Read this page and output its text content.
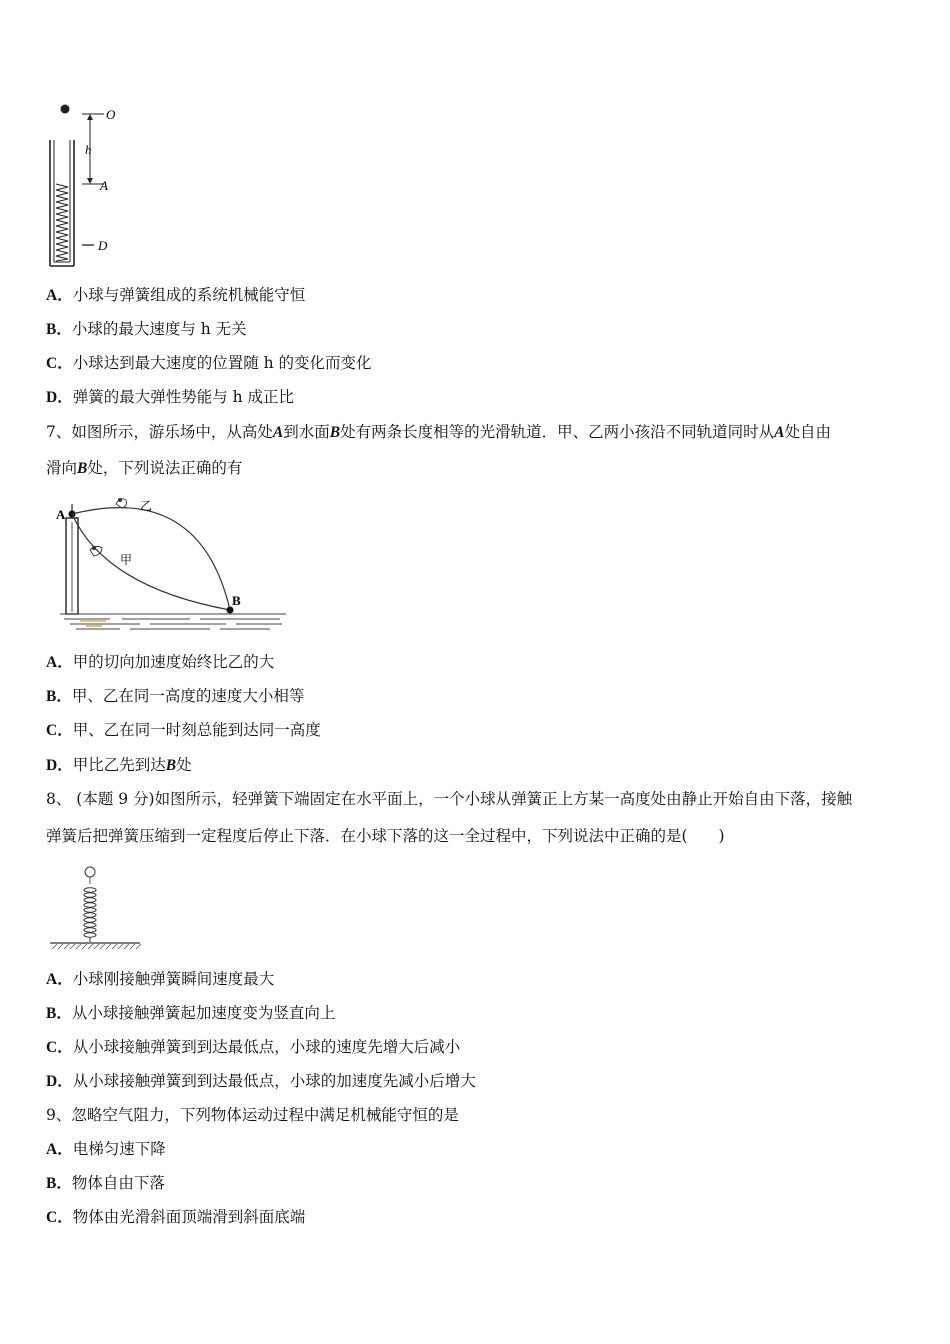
O
h
A
D
A．小球与弹簧组成的系统机械能守恒
B．小球的最大速度与 h 无关
C．小球达到最大速度的位置随 h 的变化而变化
D．弹簧的最大弹性势能与 h 成正比
7、如图所示，游乐场中，从高处A到水面B处有两条长度相等的光滑轨道．甲、乙两小孩沿不同轨道同时从A处自由
滑向B处，下列说法正确的有
A
B
乙
甲
A．甲的切向加速度始终比乙的大
B．甲、乙在同一高度的速度大小相等
C．甲、乙在同一时刻总能到达同一高度
D．甲比乙先到达B处
8、 (本题 9 分)如图所示，轻弹簧下端固定在水平面上，一个小球从弹簧正上方某一高度处由静止开始自由下落，接触
弹簧后把弹簧压缩到一定程度后停止下落．在小球下落的这一全过程中，下列说法中正确的是(　　)
A．小球刚接触弹簧瞬间速度最大
B．从小球接触弹簧起加速度变为竖直向上
C．从小球接触弹簧到到达最低点，小球的速度先增大后减小
D．从小球接触弹簧到到达最低点，小球的加速度先减小后增大
9、忽略空气阻力，下列物体运动过程中满足机械能守恒的是
A．电梯匀速下降
B．物体自由下落
C．物体由光滑斜面顶端滑到斜面底端
